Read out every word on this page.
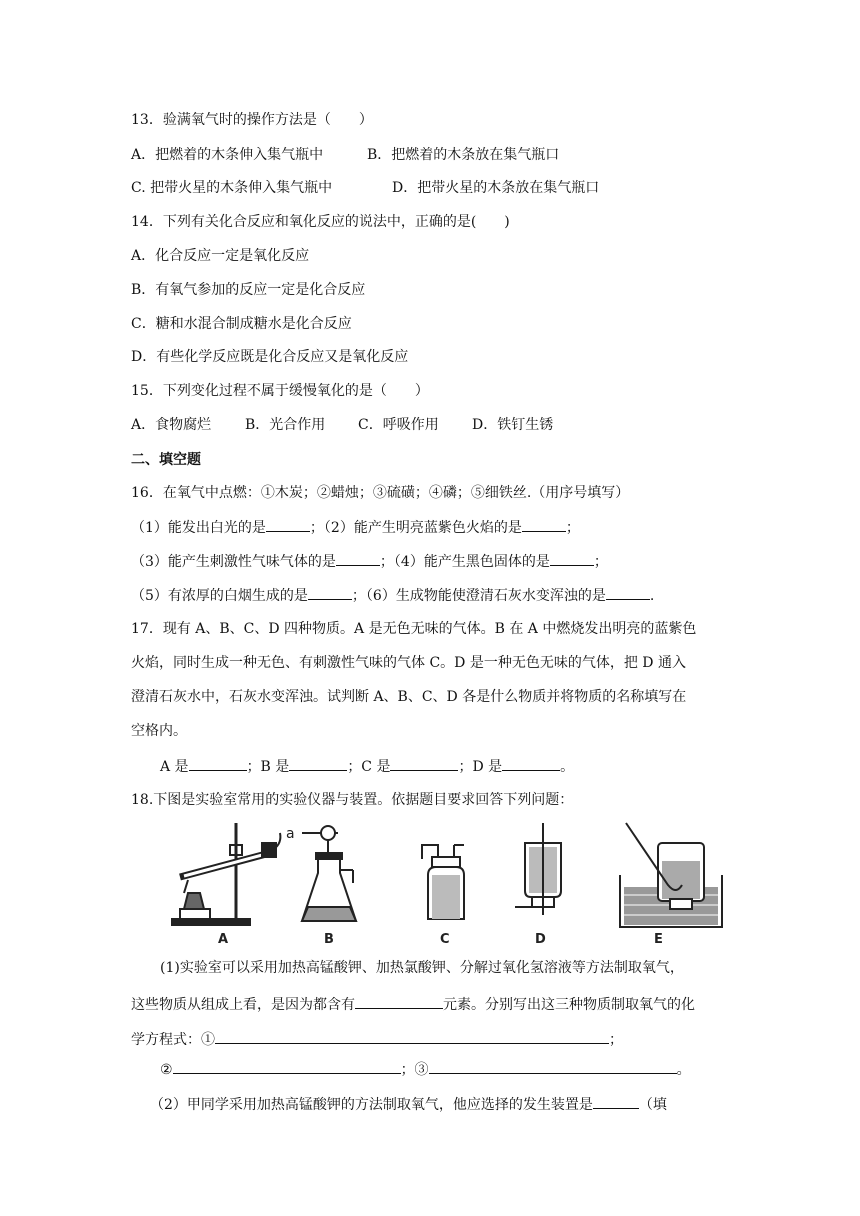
13．验满氧气时的操作方法是（　　）
A．把燃着的木条伸入集气瓶中	B．把燃着的木条放在集气瓶口
C. 把带火星的木条伸入集气瓶中	D．把带火星的木条放在集气瓶口
14．下列有关化合反应和氧化反应的说法中，正确的是(　　)
A．化合反应一定是氧化反应
B．有氧气参加的反应一定是化合反应
C．糖和水混合制成糖水是化合反应
D．有些化学反应既是化合反应又是氧化反应
15．下列变化过程不属于缓慢氧化的是（　　）
A．食物腐烂 B．光合作用 C．呼吸作用 D．铁钉生锈
二、填空题
16．在氧气中点燃：①木炭；②蜡烛；③硫磺；④磷；⑤细铁丝.（用序号填写）
（1）能发出白光的是	；（2）能产生明亮蓝紫色火焰的是	；
（3）能产生刺激性气味气体的是	；（4）能产生黑色固体的是	；
（5）有浓厚的白烟生成的是	；（6）生成物能使澄清石灰水变浑浊的是	.
17．现有 A、B、C、D 四种物质。A 是无色无味的气体。B 在 A 中燃烧发出明亮的蓝紫色
火焰，同时生成一种无色、有刺激性气味的气体 C。D 是一种无色无味的气体，把 D 通入
澄清石灰水中，石灰水变浑浊。试判断 A、B、C、D 各是什么物质并将物质的名称填写在
空格内。
A 是	；B 是	；C 是	；D 是	。
18.下图是实验室常用的实验仪器与装置。依据题目要求回答下列问题：
a
A	B	C	D	E
(1)实验室可以采用加热高锰酸钾、加热氯酸钾、分解过氧化氢溶液等方法制取氧气，
这些物质从组成上看，是因为都含有	元素。分别写出这三种物质制取氧气的化
学方程式：①	；
②	；③	。
（2）甲同学采用加热高锰酸钾的方法制取氧气，他应选择的发生装置是	（填
